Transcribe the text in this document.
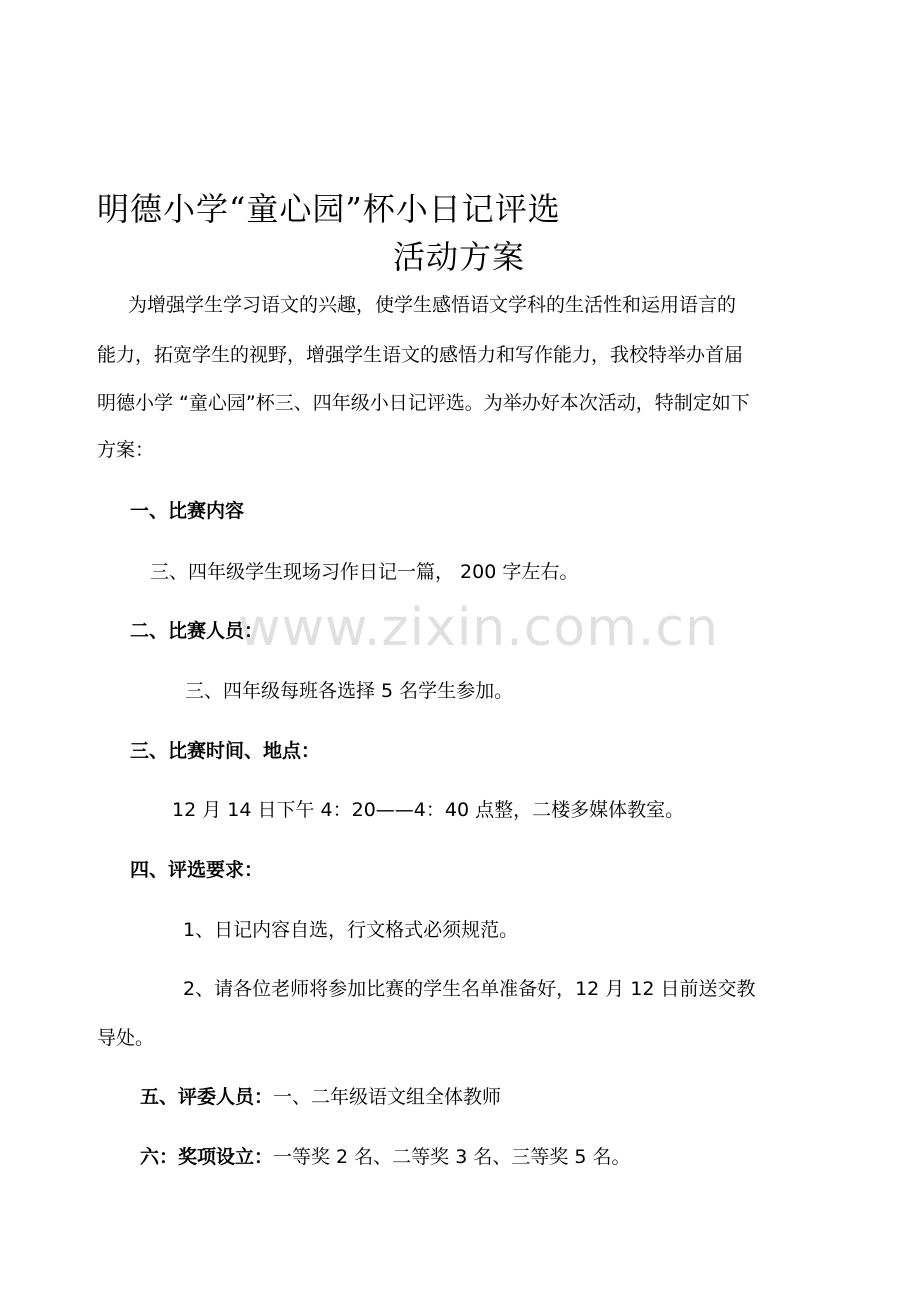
www.zixin.com.cn
明德小学“童心园”杯小日记评选
活动方案
为增强学生学习语文的兴趣，使学生感悟语文学科的生活性和运用语言的
能力，拓宽学生的视野，增强学生语文的感悟力和写作能力，我校特举办首届
明德小学 “童心园”杯三、四年级小日记评选。为举办好本次活动，特制定如下
方案：
一、比赛内容
三、四年级学生现场习作日记一篇， 200 字左右。
二、比赛人员：
三、四年级每班各选择 5 名学生参加。
三、比赛时间、地点：
12 月 14 日下午 4：20——4：40 点整，二楼多媒体教室。
四、评选要求：
1、日记内容自选，行文格式必须规范。
2、请各位老师将参加比赛的学生名单准备好，12 月 12 日前送交教
导处。
五、评委人员：一、二年级语文组全体教师
六：奖项设立：一等奖 2 名、二等奖 3 名、三等奖 5 名。
